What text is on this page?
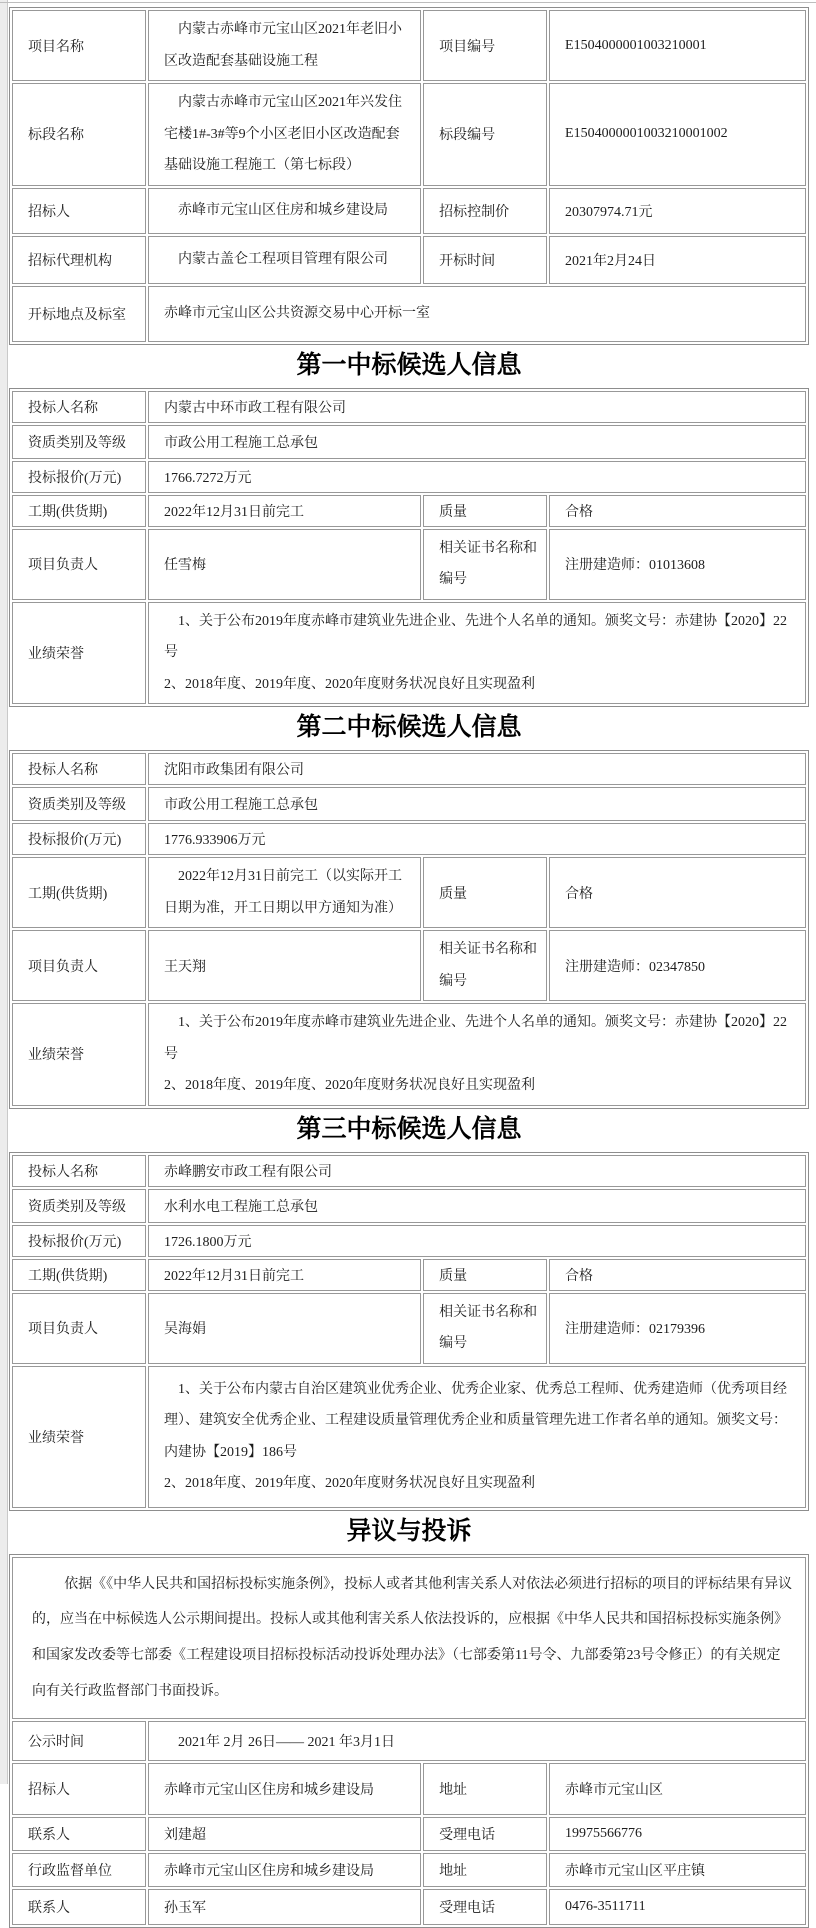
项目名称	内蒙古赤峰市元宝山区2021年老旧小区改造配套基础设施工程	项目编号	E1504000001003210001
标段名称	内蒙古赤峰市元宝山区2021年兴发住宅楼1#-3#等9个小区老旧小区改造配套基础设施工程施工（第七标段）	标段编号	E1504000001003210001002
招标人	赤峰市元宝山区住房和城乡建设局	招标控制价	20307974.71元
招标代理机构	内蒙古盖仑工程项目管理有限公司	开标时间	2021年2月24日
开标地点及标室	赤峰市元宝山区公共资源交易中心开标一室		
第一中标候选人信息
投标人名称	内蒙古中环市政工程有限公司		
资质类别及等级	市政公用工程施工总承包		
投标报价(万元)	1766.7272万元		
工期(供货期)	2022年12月31日前完工	质量	合格
项目负责人	任雪梅	相关证书名称和编号	注册建造师：01013608
业绩荣誉	1、关于公布2019年度赤峰市建筑业先进企业、先进个人名单的通知。颁奖文号：赤建协【2020】22号
2、2018年度、2019年度、2020年度财务状况良好且实现盈利		
第二中标候选人信息
投标人名称	沈阳市政集团有限公司		
资质类别及等级	市政公用工程施工总承包		
投标报价(万元)	1776.933906万元		
工期(供货期)	2022年12月31日前完工（以实际开工日期为准，开工日期以甲方通知为准）	质量	合格
项目负责人	王天翔	相关证书名称和编号	注册建造师：02347850
业绩荣誉	1、关于公布2019年度赤峰市建筑业先进企业、先进个人名单的通知。颁奖文号：赤建协【2020】22号
2、2018年度、2019年度、2020年度财务状况良好且实现盈利		
第三中标候选人信息
投标人名称	赤峰鹏安市政工程有限公司		
资质类别及等级	水利水电工程施工总承包		
投标报价(万元)	1726.1800万元		
工期(供货期)	2022年12月31日前完工	质量	合格
项目负责人	吴海娟	相关证书名称和编号	注册建造师：02179396
业绩荣誉	1、关于公布内蒙古自治区建筑业优秀企业、优秀企业家、优秀总工程师、优秀建造师（优秀项目经理）、建筑安全优秀企业、工程建设质量管理优秀企业和质量管理先进工作者名单的通知。颁奖文号：内建协【2019】186号
2、2018年度、2019年度、2020年度财务状况良好且实现盈利		
异议与投诉

依据《《中华人民共和国招标投标实施条例》，投标人或者其他利害关系人对依法必须进行招标的项目的评标结果有异议的，应当在中标候选人公示期间提出。投标人或其他利害关系人依法投诉的，应根据《中华人民共和国招标投标实施条例》和国家发改委等七部委《工程建设项目招标投标活动投诉处理办法》（七部委第11号令、九部委第23号令修正）的有关规定向有关行政监督部门书面投诉。			

公示时间	2021年 2月 26日—— 2021 年3月1日		
招标人	赤峰市元宝山区住房和城乡建设局	地址	赤峰市元宝山区
联系人	刘建超	受理电话	19975566776
行政监督单位	赤峰市元宝山区住房和城乡建设局	地址	赤峰市元宝山区平庄镇
联系人	孙玉军	受理电话	0476-3511711
